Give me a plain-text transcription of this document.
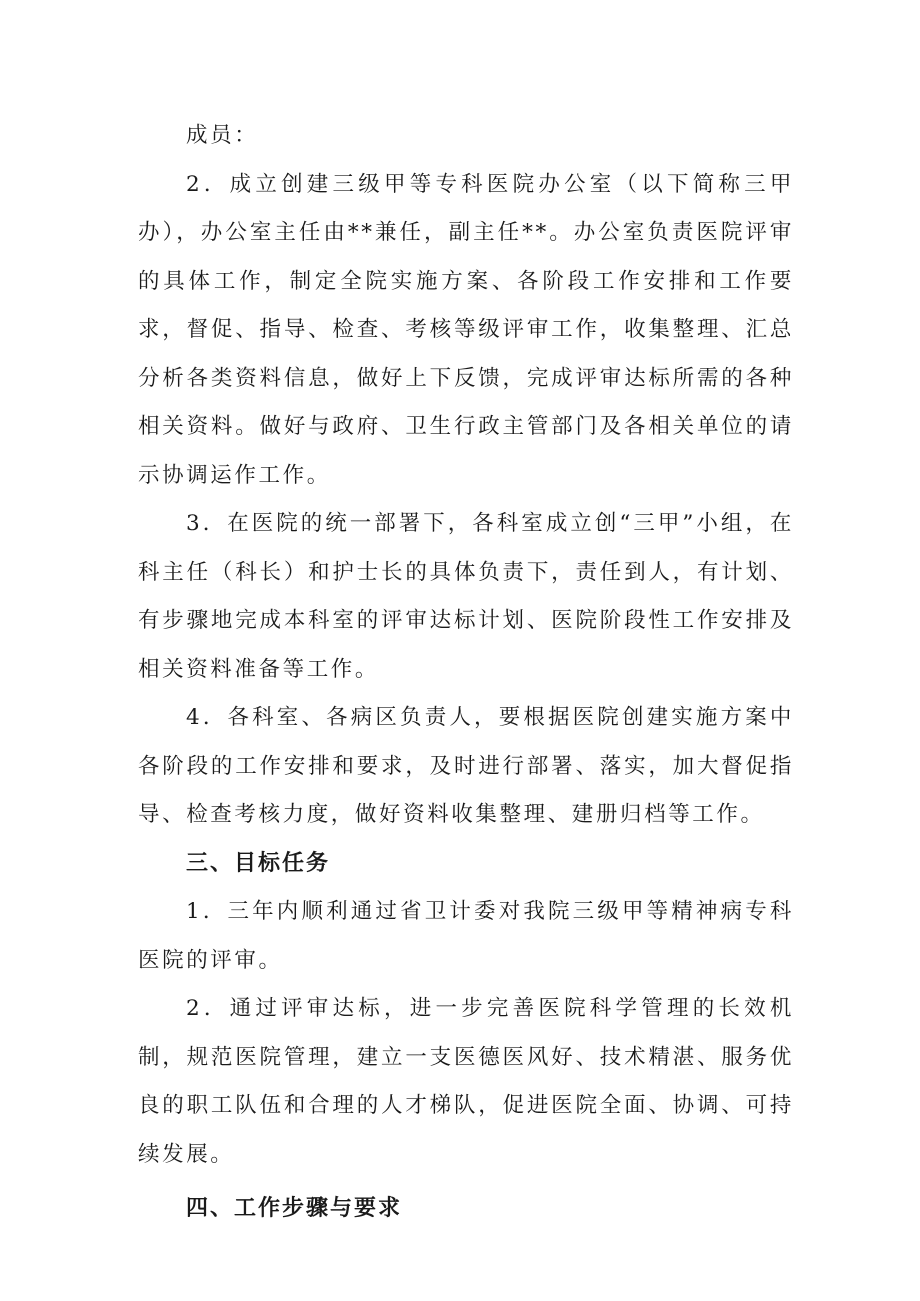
成员：

2．成立创建三级甲等专科医院办公室（以下简称三甲办），办公室主任由**兼任，副主任**。办公室负责医院评审的具体工作，制定全院实施方案、各阶段工作安排和工作要求，督促、指导、检查、考核等级评审工作，收集整理、汇总分析各类资料信息，做好上下反馈，完成评审达标所需的各种相关资料。做好与政府、卫生行政主管部门及各相关单位的请示协调运作工作。

3．在医院的统一部署下，各科室成立创“三甲”小组，在科主任（科长）和护士长的具体负责下，责任到人，有计划、有步骤地完成本科室的评审达标计划、医院阶段性工作安排及相关资料准备等工作。

4．各科室、各病区负责人，要根据医院创建实施方案中各阶段的工作安排和要求，及时进行部署、落实，加大督促指导、检查考核力度，做好资料收集整理、建册归档等工作。

三、目标任务

1．三年内顺利通过省卫计委对我院三级甲等精神病专科医院的评审。

2．通过评审达标，进一步完善医院科学管理的长效机制，规范医院管理，建立一支医德医风好、技术精湛、服务优良的职工队伍和合理的人才梯队，促进医院全面、协调、可持续发展。

四、工作步骤与要求
